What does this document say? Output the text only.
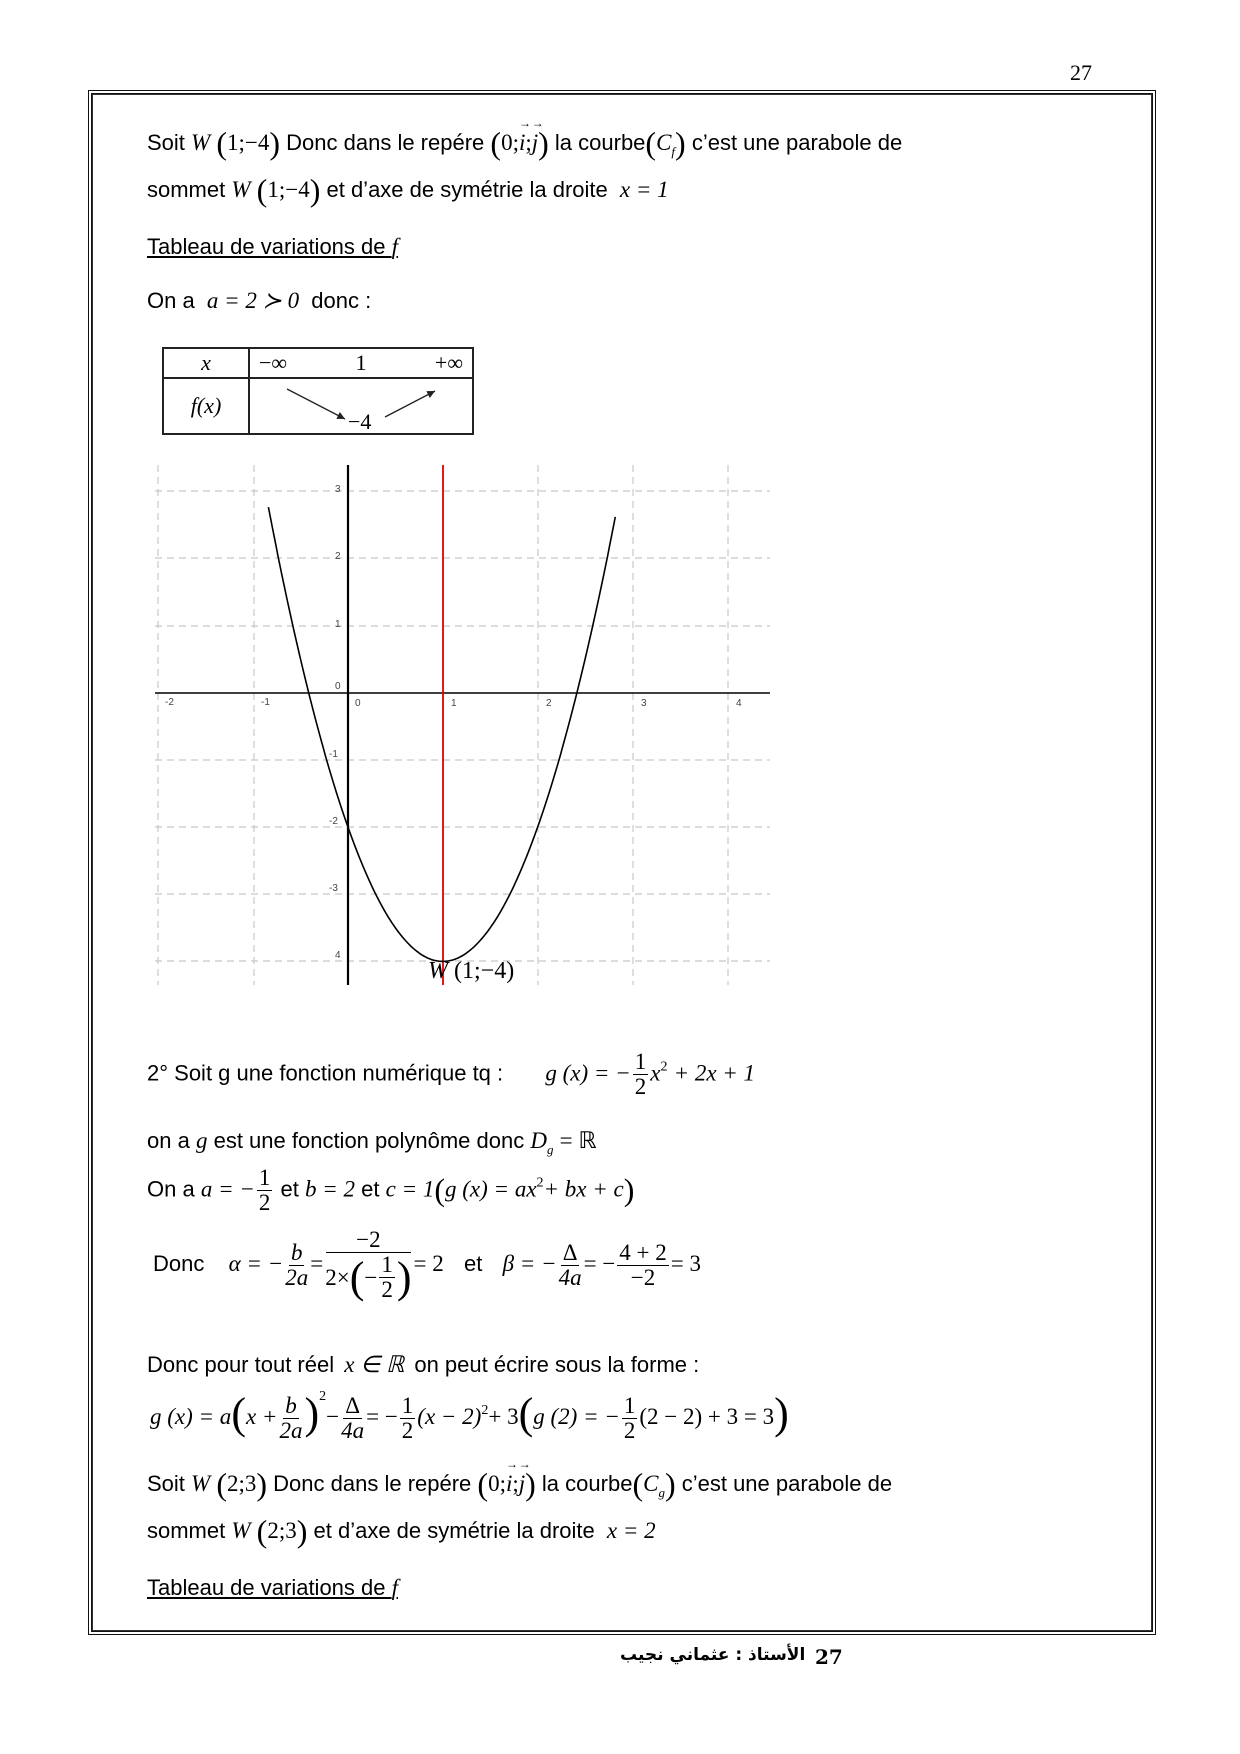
27
Soit W (1;−4) Donc dans le repére (0;→ i;→ j) la $courbe(C_f)$ c’est une parabole de
sommet W (1;−4) et d’axe de symétrie la droite x = 1
Tableau de variations de f
On a a = 2 ≻ 0 donc :
x	−∞ 1 +∞

f(x)	−4
-2	-1	0	1	2	3	4
3
2
1
0
-1
-2
-3
4
W (1;−4)
2° Soit g une fonction numérique tq : g (x) = − $\frac{1}{2} x^2 + 2x + 1$
on a g est une fonction polynôme donc $D_g$ = ℝ
On a a = − $\frac{1}{2}$ et b = 2 et c = 1(g $(x) = ax^2+$ bx + c)
Donc α = − $\frac{b}{2a} = \frac{-2}{2\times ( - \frac{1}{2} )} = 2$ et β = − $\frac{\Delta}{4a}$ = − $\frac{4 + 2}{-2} = 3$
Donc pour tout réel x ∈ ℝ on peut écrire sous la forme :
g $(x) = a(x + \frac{b}{2a} )^2- \frac{\Delta}{4a}$ = − $\frac{1}{2} (x - 2)^2+ 3(g$ (2) = − $\frac{1}{2} (2 - 2) + 3 = 3$)
Soit W (2;3) Donc dans le repére (0;→ i;→ j) la $courbe(C_g)$ c’est une parabole de
sommet W (2;3) et d’axe de symétrie la droite x = 2
Tableau de variations de f
الأستاذ : عثماني نجيب 27
